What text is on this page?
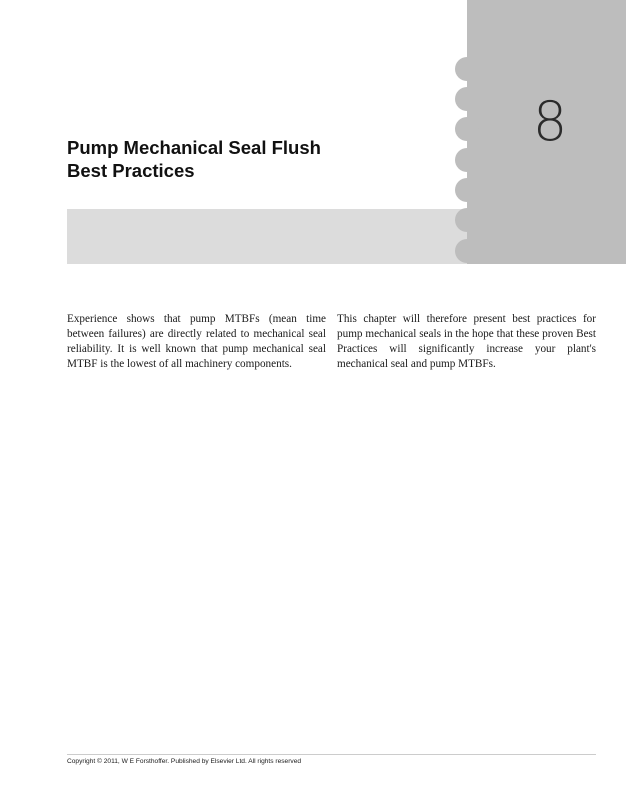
8
Pump Mechanical Seal Flush
Best Practices

Experience shows that pump MTBFs (mean time between failures) are directly related to mechanical seal reliability. It is well known that pump mechanical seal MTBF is the lowest of all machinery components.

This chapter will therefore present best practices for pump mechanical seals in the hope that these proven Best Practices will significantly increase your plant's mechanical seal and pump MTBFs.

Copyright © 2011, W E Forsthoffer. Published by Elsevier Ltd. All rights reserved
